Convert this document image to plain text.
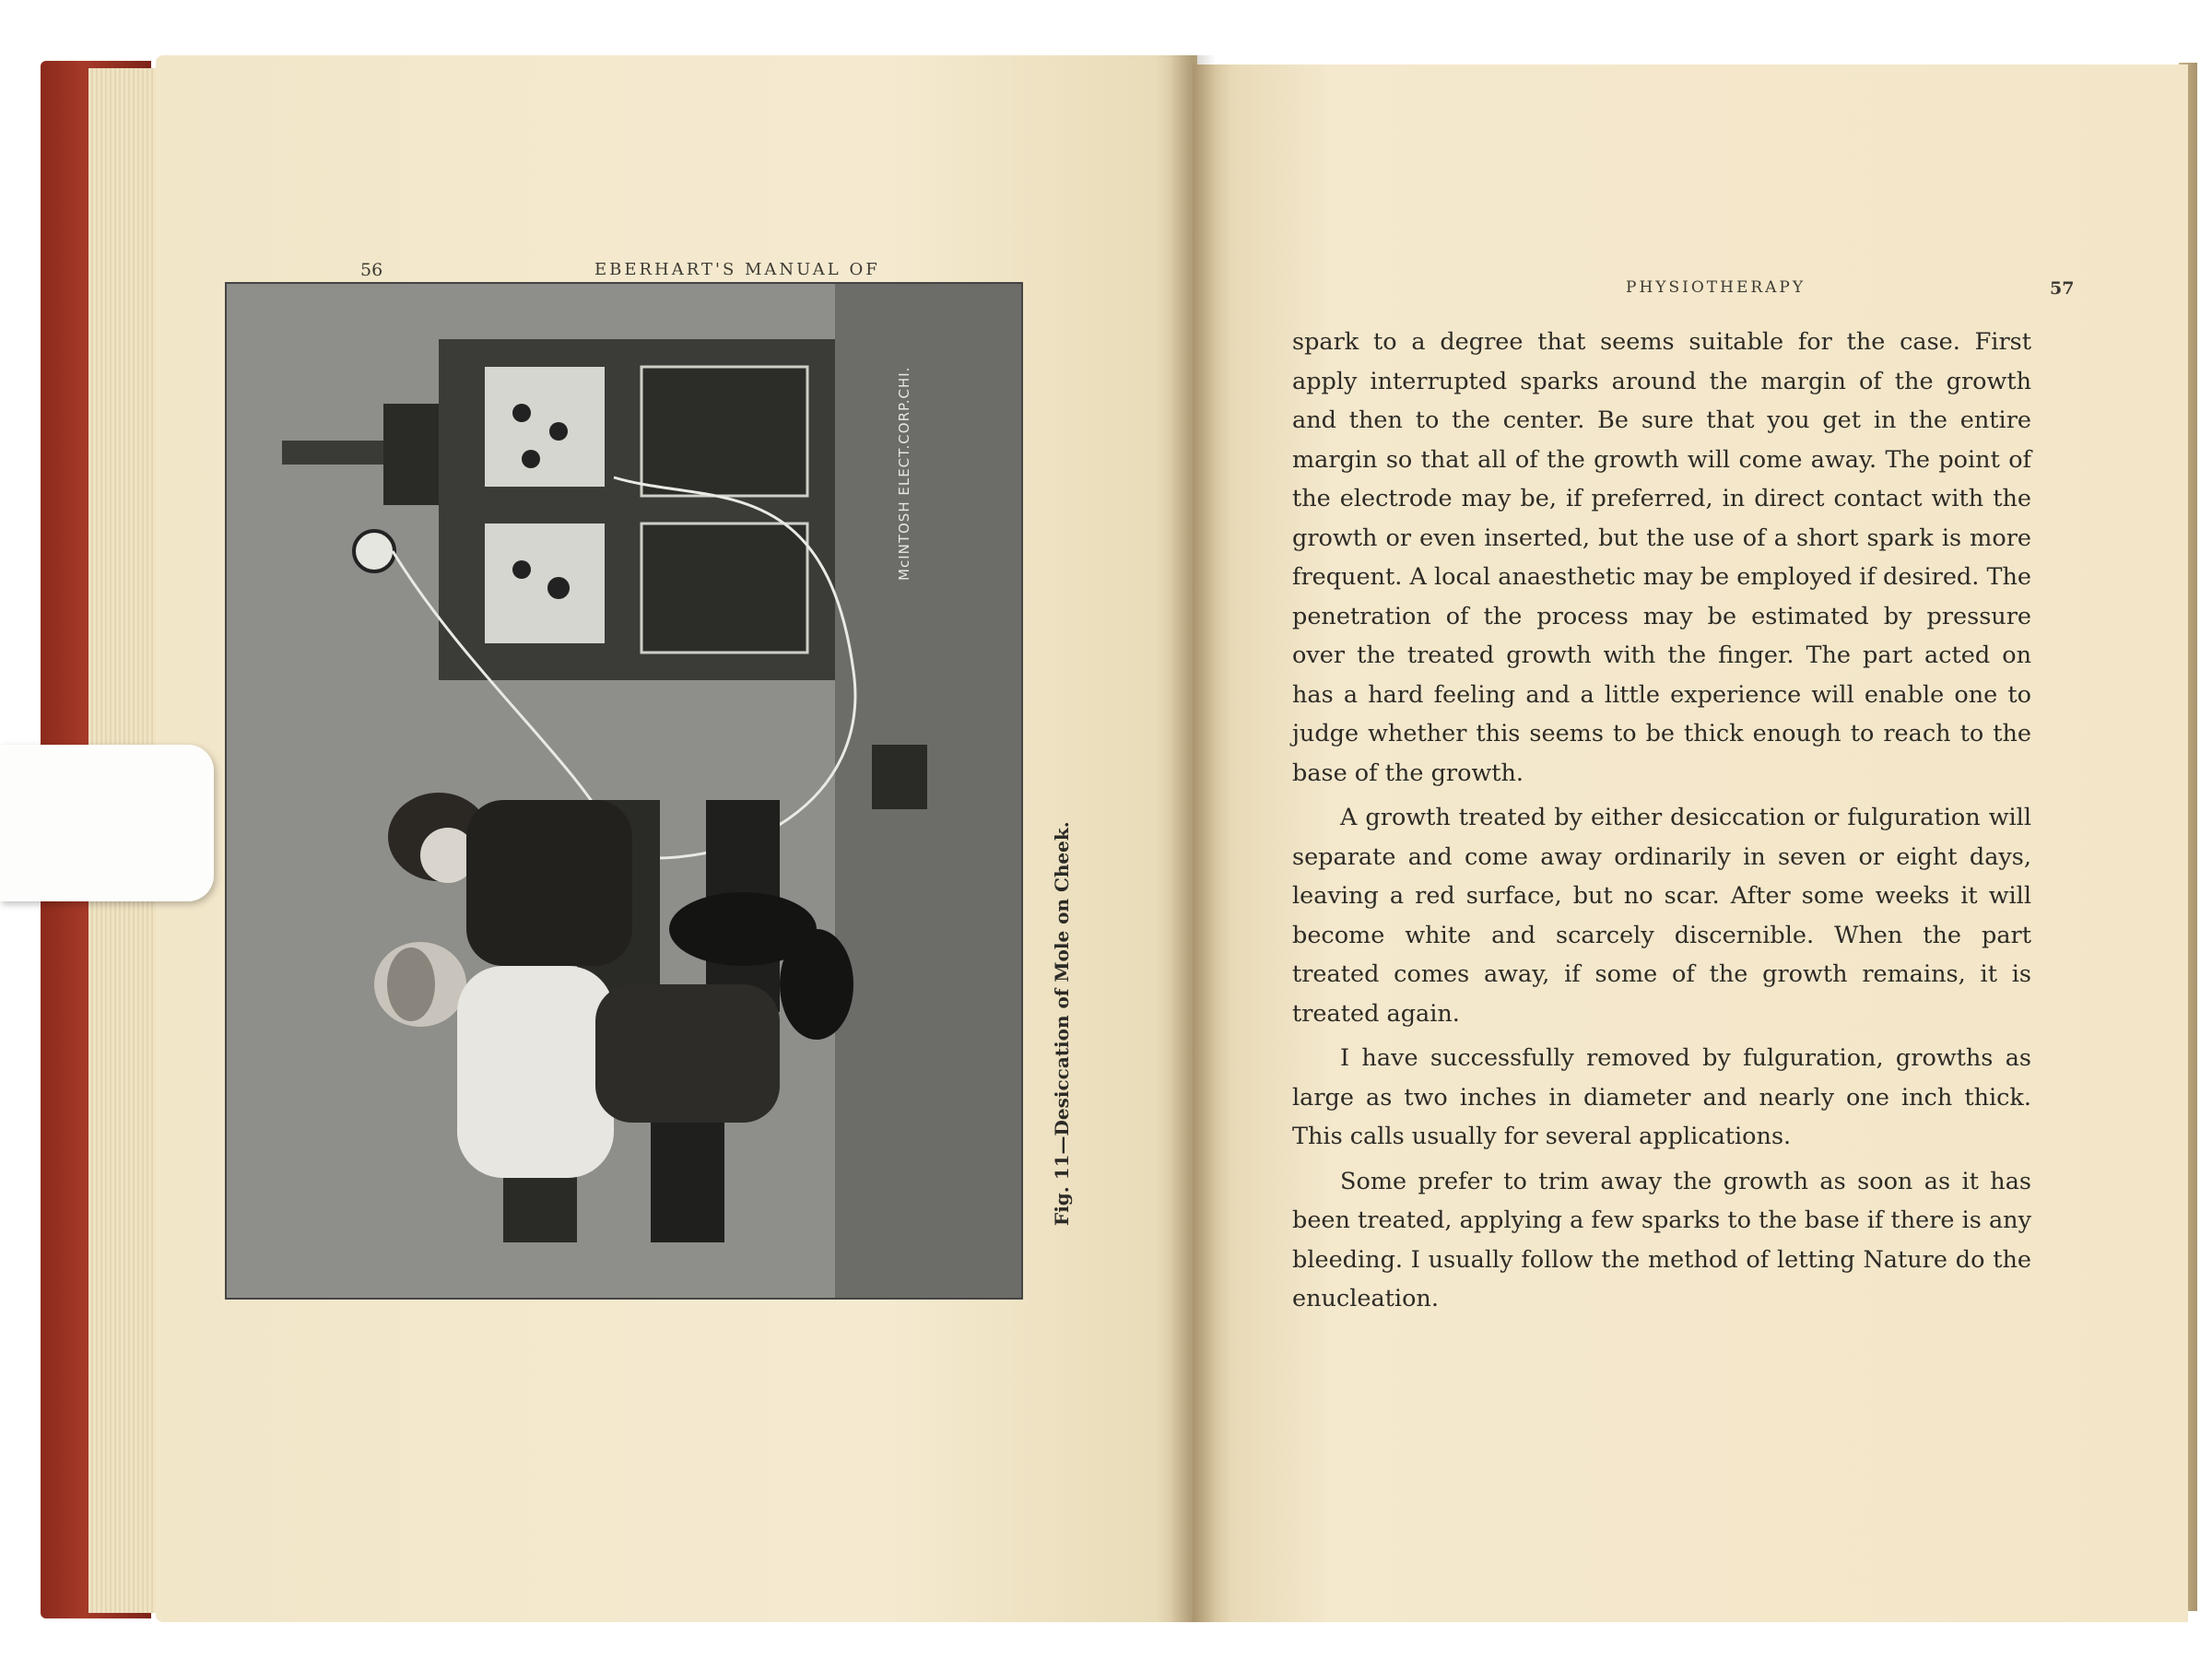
56	EBERHART'S MANUAL OF
PHYSIOTHERAPY	57
Fig. 11—Desiccation of Mole on Cheek.

spark to a degree that seems suitable for the case. First apply interrupted sparks around the margin of the growth and then to the center. Be sure that you get in the entire margin so that all of the growth will come away. The point of the electrode may be, if preferred, in direct contact with the growth or even inserted, but the use of a short spark is more frequent. A local anaesthetic may be employed if desired. The penetration of the process may be estimated by pressure over the treated growth with the finger. The part acted on has a hard feeling and a little experience will enable one to judge whether this seems to be thick enough to reach to the base of the growth.

A growth treated by either desiccation or fulguration will separate and come away ordinarily in seven or eight days, leaving a red surface, but no scar. After some weeks it will become white and scarcely discernible. When the part treated comes away, if some of the growth remains, it is treated again.

I have successfully removed by fulguration, growths as large as two inches in diameter and nearly one inch thick. This calls usually for several applications.

Some prefer to trim away the growth as soon as it has been treated, applying a few sparks to the base if there is any bleeding. I usually follow the method of letting Nature do the enucleation.

McINTOSH ELECT.CORP.CHI.
